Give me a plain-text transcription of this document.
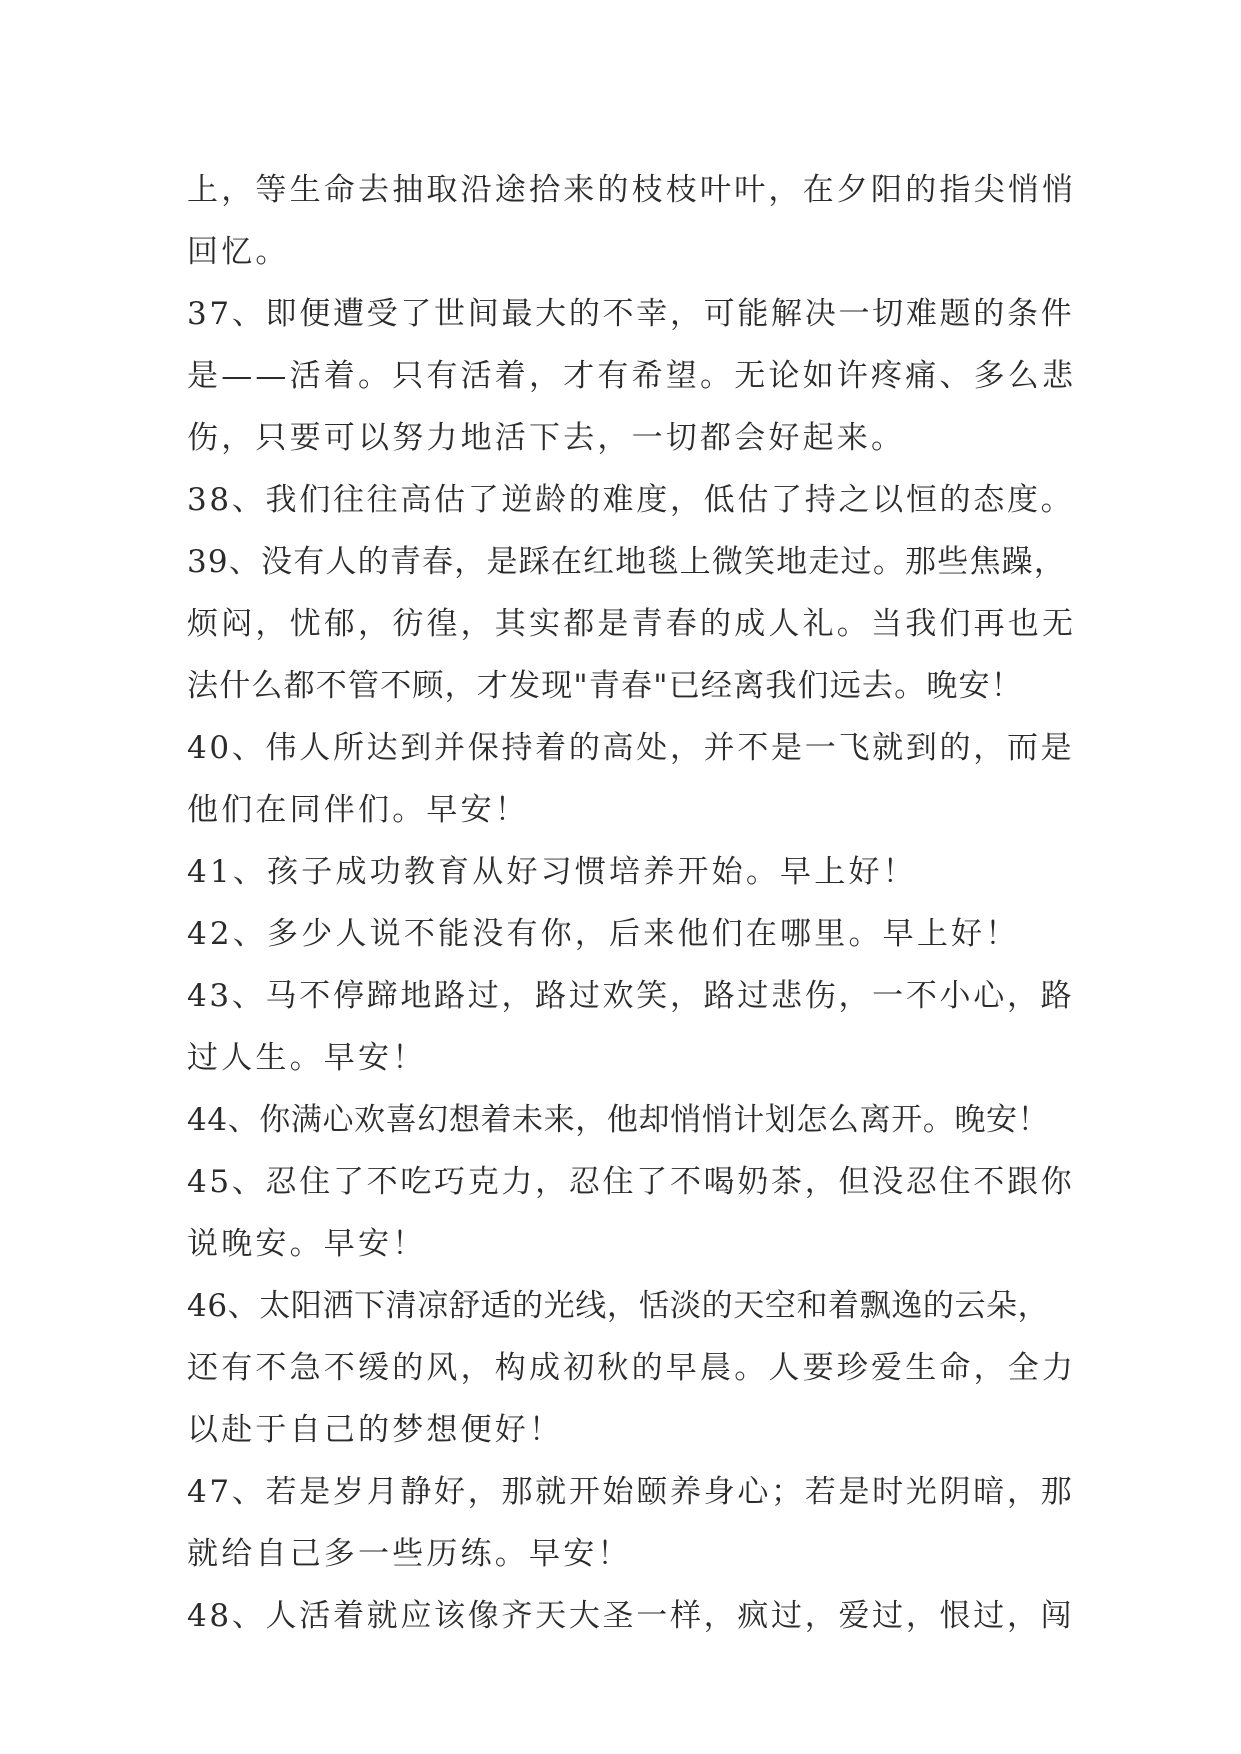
上，等生命去抽取沿途拾来的枝枝叶叶，在夕阳的指尖悄悄
回忆。
37、即便遭受了世间最大的不幸，可能解决一切难题的条件
是——活着。只有活着，才有希望。无论如许疼痛、多么悲
伤，只要可以努力地活下去，一切都会好起来。
38、我们往往高估了逆龄的难度，低估了持之以恒的态度。
39、没有人的青春，是踩在红地毯上微笑地走过。那些焦躁，
烦闷，忧郁，彷徨，其实都是青春的成人礼。当我们再也无
法什么都不管不顾，才发现"青春"已经离我们远去。晚安！
40、伟人所达到并保持着的高处，并不是一飞就到的，而是
他们在同伴们。早安！
41、孩子成功教育从好习惯培养开始。早上好！
42、多少人说不能没有你，后来他们在哪里。早上好！
43、马不停蹄地路过，路过欢笑，路过悲伤，一不小心，路
过人生。早安！
44、你满心欢喜幻想着未来，他却悄悄计划怎么离开。晚安！
45、忍住了不吃巧克力，忍住了不喝奶茶，但没忍住不跟你
说晚安。早安！
46、太阳洒下清凉舒适的光线，恬淡的天空和着飘逸的云朵，
还有不急不缓的风，构成初秋的早晨。人要珍爱生命，全力
以赴于自己的梦想便好！
47、若是岁月静好，那就开始颐养身心；若是时光阴暗，那
就给自己多一些历练。早安！
48、人活着就应该像齐天大圣一样，疯过，爱过，恨过，闯
